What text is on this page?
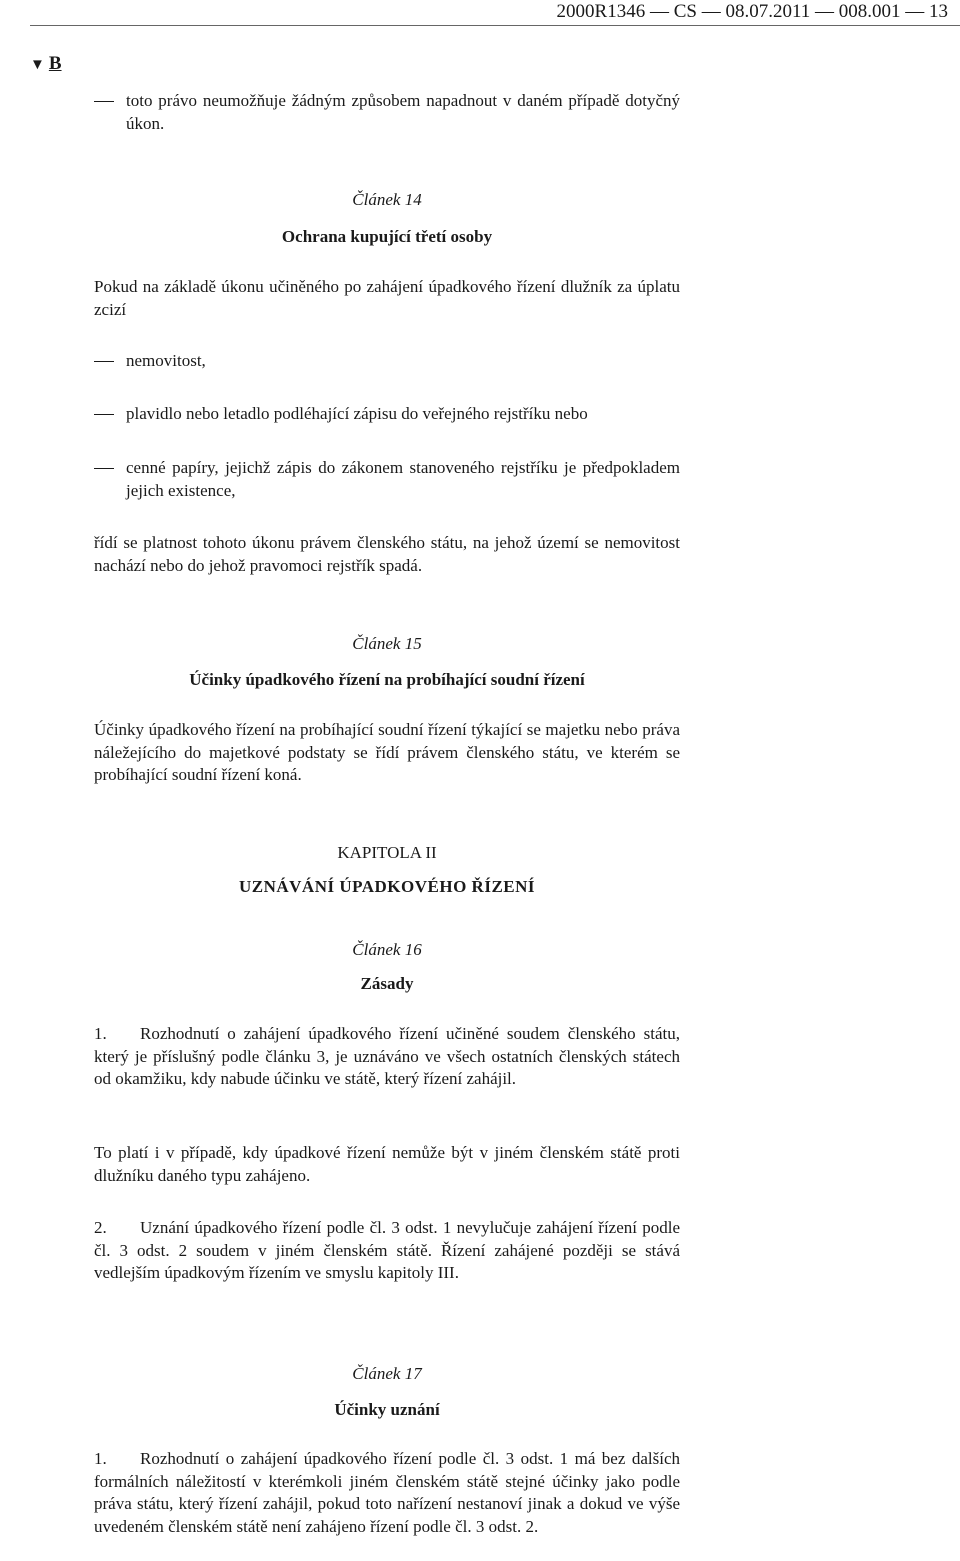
2000R1346 — CS — 08.07.2011 — 008.001 — 13
▼ B
toto právo neumožňuje žádným způsobem napadnout v daném případě dotyčný úkon.
Článek 14
Ochrana kupující třetí osoby

Pokud na základě úkonu učiněného po zahájení úpadkového řízení dlužník za úplatu zcizí

nemovitost,
plavidlo nebo letadlo podléhající zápisu do veřejného rejstříku nebo
cenné papíry, jejichž zápis do zákonem stanoveného rejstříku je předpokladem jejich existence,

řídí se platnost tohoto úkonu právem členského státu, na jehož území se nemovitost nachází nebo do jehož pravomoci rejstřík spadá.

Článek 15
Účinky úpadkového řízení na probíhající soudní řízení

Účinky úpadkového řízení na probíhající soudní řízení týkající se majetku nebo práva náležejícího do majetkové podstaty se řídí právem členského státu, ve kterém se probíhající soudní řízení koná.

KAPITOLA II
UZNÁVÁNÍ ÚPADKOVÉHO ŘÍZENÍ
Článek 16
Zásady

1. Rozhodnutí o zahájení úpadkového řízení učiněné soudem členského státu, který je příslušný podle článku 3, je uznáváno ve všech ostatních členských státech od okamžiku, kdy nabude účinku ve státě, který řízení zahájil.

To platí i v případě, kdy úpadkové řízení nemůže být v jiném členském státě proti dlužníku daného typu zahájeno.

2. Uznání úpadkového řízení podle čl. 3 odst. 1 nevylučuje zahájení řízení podle čl. 3 odst. 2 soudem v jiném členském státě. Řízení zahájené později se stává vedlejším úpadkovým řízením ve smyslu kapitoly III.

Článek 17
Účinky uznání

1. Rozhodnutí o zahájení úpadkového řízení podle čl. 3 odst. 1 má bez dalších formálních náležitostí v kterémkoli jiném členském státě stejné účinky jako podle práva státu, který řízení zahájil, pokud toto nařízení nestanoví jinak a dokud ve výše uvedeném členském státě není zahájeno řízení podle čl. 3 odst. 2.
